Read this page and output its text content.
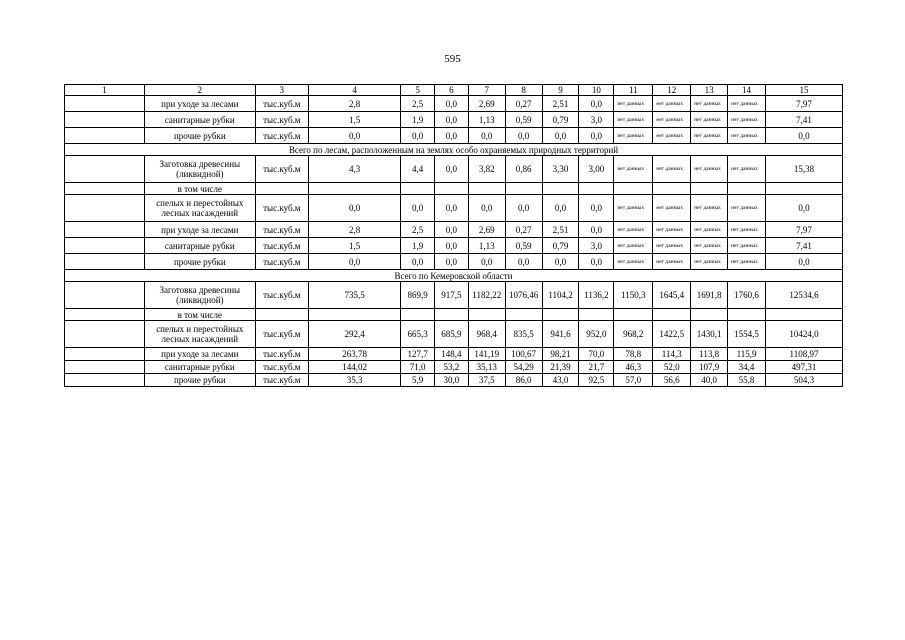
595
1	2	3	4	5	6	7	8	9	10	11	12	13	14	15
	при уходе за лесами	тыс.куб.м	2,8	2,5	0,0	2,69	0,27	2,51	0,0	нет данных	нет данных	нет данных	нет данных	7,97
	санитарные рубки	тыс.куб.м	1,5	1,9	0,0	1,13	0,59	0,79	3,0	нет данных	нет данных	нет данных	нет данных	7,41
	прочие рубки	тыс.куб.м	0,0	0,0	0,0	0,0	0,0	0,0	0,0	нет данных	нет данных	нет данных	нет данных	0,0
Всего по лесам, расположенным на землях особо охраняемых природных территорий														
	Заготовка древесины (ликвидной)	тыс.куб.м	4,3	4,4	0,0	3,82	0,86	3,30	3,00	нет данных	нет данных	нет данных	нет данных	15,38
	в том числе													
	спелых и перестойных лесных насаждений	тыс.куб.м	0,0	0,0	0,0	0,0	0,0	0,0	0,0	нет данных	нет данных	нет данных	нет данных	0,0
	при уходе за лесами	тыс.куб.м	2,8	2,5	0,0	2,69	0,27	2,51	0,0	нет данных	нет данных	нет данных	нет данных	7,97
	санитарные рубки	тыс.куб.м	1,5	1,9	0,0	1,13	0,59	0,79	3,0	нет данных	нет данных	нет данных	нет данных	7,41
	прочие рубки	тыс.куб.м	0,0	0,0	0,0	0,0	0,0	0,0	0,0	нет данных	нет данных	нет данных	нет данных	0,0
Всего по Кемеровской области														
	Заготовка древесины (ликвидной)	тыс.куб.м	735,5	869,9	917,5	1182,22	1076,46	1104,2	1136,2	1150,3	1645,4	1691,8	1760,6	12534,6
	в том числе													
	спелых и перестойных лесных насаждений	тыс.куб.м	292,4	665,3	685,9	968,4	835,5	941,6	952,0	968,2	1422,5	1430,1	1554,5	10424,0
	при уходе за лесами	тыс.куб.м	263,78	127,7	148,4	141,19	100,67	98,21	70,0	78,8	114,3	113,8	115,9	1108,97
	санитарные рубки	тыс.куб.м	144,02	71,0	53,2	35,13	54,29	21,39	21,7	46,3	52,0	107,9	34,4	497,31
	прочие рубки	тыс.куб.м	35,3	5,9	30,0	37,5	86,0	43,0	92,5	57,0	56,6	40,0	55,8	504,3
